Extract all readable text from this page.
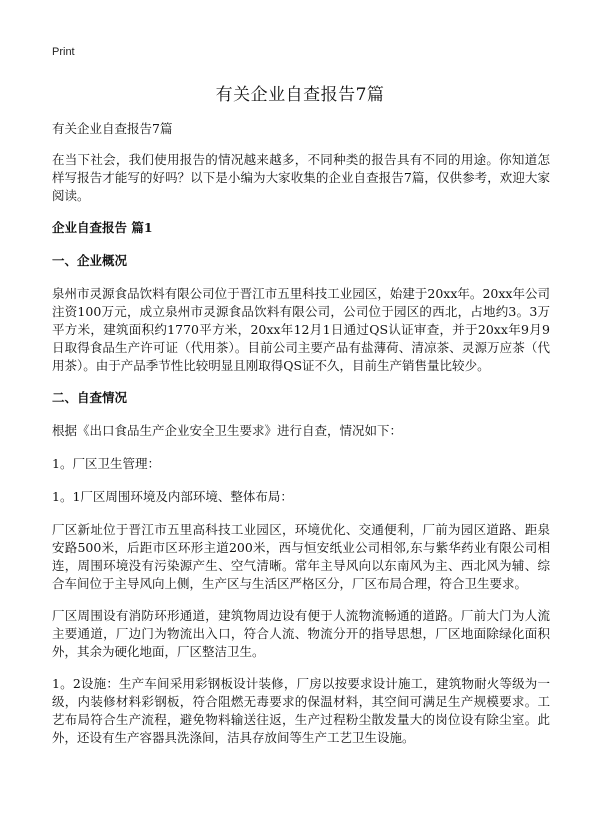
Print
有关企业自查报告7篇

有关企业自查报告7篇

在当下社会，我们使用报告的情况越来越多，不同种类的报告具有不同的用途。你知道怎样写报告才能写的好吗？以下是小编为大家收集的企业自查报告7篇，仅供参考，欢迎大家阅读。

企业自查报告 篇1

一、企业概况

泉州市灵源食品饮料有限公司位于晋江市五里科技工业园区，始建于20xx年。20xx年公司注资100万元，成立泉州市灵源食品饮料有限公司，公司位于园区的西北，占地约3。3万平方米，建筑面积约1770平方米，20xx年12月1日通过QS认证审查，并于20xx年9月9日取得食品生产许可证（代用茶）。目前公司主要产品有盐薄荷、清凉茶、灵源万应茶（代用茶）。由于产品季节性比较明显且刚取得QS证不久，目前生产销售量比较少。

二、自查情况

根据《出口食品生产企业安全卫生要求》进行自查，情况如下：

1。厂区卫生管理：

1。1厂区周围环境及内部环境、整体布局：

厂区新址位于晋江市五里高科技工业园区，环境优化、交通便利，厂前为园区道路、距泉安路500米，后距市区环形主道200米，西与恒安纸业公司相邻,东与紫华药业有限公司相连，周围环境没有污染源产生、空气清晰。常年主导风向以东南风为主、西北风为辅、综合车间位于主导风向上侧，生产区与生活区严格区分，厂区布局合理，符合卫生要求。

厂区周围设有消防环形通道，建筑物周边设有便于人流物流畅通的道路。厂前大门为人流主要通道，厂边门为物流出入口，符合人流、物流分开的指导思想，厂区地面除绿化面积外，其余为硬化地面，厂区整洁卫生。

1。2设施：生产车间采用彩钢板设计装修，厂房以按要求设计施工，建筑物耐火等级为一级，内装修材料彩钢板，符合阻燃无毒要求的保温材料，其空间可满足生产规模要求。工艺布局符合生产流程，避免物料输送往返，生产过程粉尘散发量大的岗位设有除尘室。此外，还设有生产容器具洗涤间，洁具存放间等生产工艺卫生设施。
